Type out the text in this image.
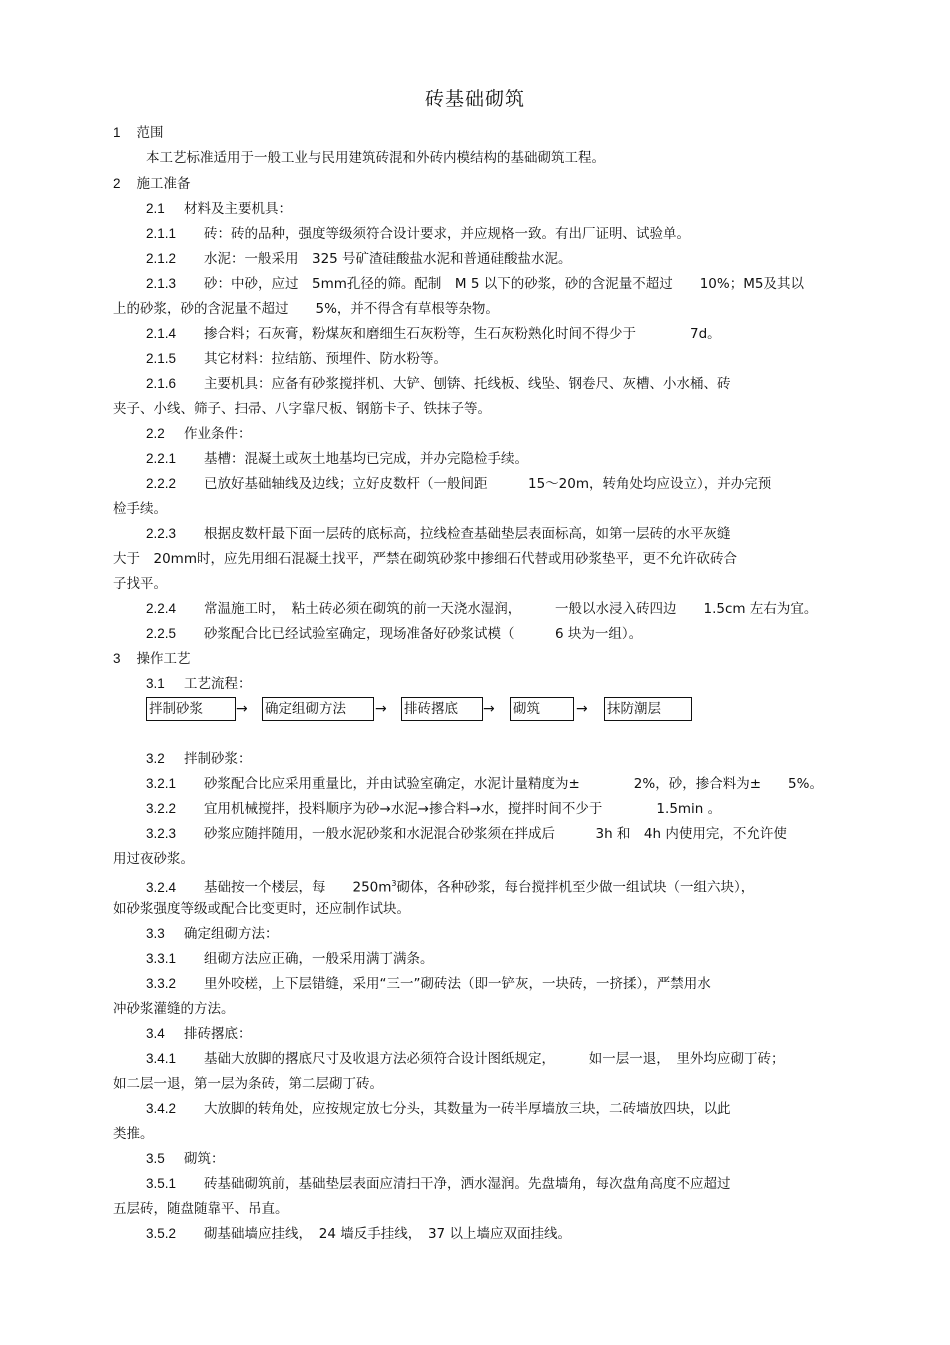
砖基础砌筑
1 范围
本工艺标准适用于一般工业与民用建筑砖混和外砖内模结构的基础砌筑工程。
2 施工准备
2.1 材料及主要机具：
2.1.1 砖：砖的品种，强度等级须符合设计要求，并应规格一致。有出厂证明、试验单。
2.1.2 水泥：一般采用　325 号矿渣硅酸盐水泥和普通硅酸盐水泥。
2.1.3 砂：中砂，应过　5mm孔径的筛。配制　M 5 以下的砂浆，砂的含泥量不超过　　10%；M5及其以
上的砂浆，砂的含泥量不超过　　5%，并不得含有草根等杂物。
2.1.4 掺合料；石灰膏，粉煤灰和磨细生石灰粉等，生石灰粉熟化时间不得少于　　　　7d。
2.1.5 其它材料：拉结筋、预埋件、防水粉等。
2.1.6 主要机具：应备有砂浆搅拌机、大铲、刨锛、托线板、线坠、钢卷尺、灰槽、小水桶、砖
夹子、小线、筛子、扫帚、八字靠尺板、钢筋卡子、铁抹子等。
2.2 作业条件：
2.2.1 基槽：混凝土或灰土地基均已完成，并办完隐检手续。
2.2.2 已放好基础轴线及边线；立好皮数杆（一般间距　　　15～20m，转角处均应设立），并办完预
检手续。
2.2.3 根据皮数杆最下面一层砖的底标高，拉线检查基础垫层表面标高，如第一层砖的水平灰缝
大于　20mm时，应先用细石混凝土找平，严禁在砌筑砂浆中掺细石代替或用砂浆垫平，更不允许砍砖合
子找平。
2.2.4 常温施工时，　粘土砖必须在砌筑的前一天浇水湿润，　　　一般以水浸入砖四边　　1.5cm 左右为宜。
2.2.5 砂浆配合比已经试验室确定，现场准备好砂浆试模（　　　6 块为一组）。
3 操作工艺
3.1 工艺流程：
拌制砂浆	→ 确定组砌方法	→ 排砖撂底	→ 砌筑	→ 抹防潮层
3.2 拌制砂浆：
3.2.1 砂浆配合比应采用重量比，并由试验室确定，水泥计量精度为±　　　　2%，砂，掺合料为±　　5%。
3.2.2 宜用机械搅拌，投料顺序为砂→水泥→掺合料→水，搅拌时间不少于　　　　1.5min 。
3.2.3 砂浆应随拌随用，一般水泥砂浆和水泥混合砂浆须在拌成后　　　3h 和　4h 内使用完，不允许使
用过夜砂浆。
3.2.4 基础按一个楼层，每　　$250m^3$砌体，各种砂浆，每台搅拌机至少做一组试块（一组六块），
如砂浆强度等级或配合比变更时，还应制作试块。
3.3 确定组砌方法：
3.3.1 组砌方法应正确，一般采用满丁满条。
3.3.2 里外咬槎，上下层错缝，采用“三一”砌砖法（即一铲灰，一块砖，一挤揉），严禁用水
冲砂浆灌缝的方法。
3.4 排砖撂底：
3.4.1 基础大放脚的撂底尺寸及收退方法必须符合设计图纸规定，　　　如一层一退，　里外均应砌丁砖；
如二层一退，第一层为条砖，第二层砌丁砖。
3.4.2 大放脚的转角处，应按规定放七分头，其数量为一砖半厚墙放三块，二砖墙放四块，以此
类推。
3.5 砌筑：
3.5.1 砖基础砌筑前，基础垫层表面应清扫干净，洒水湿润。先盘墙角，每次盘角高度不应超过
五层砖，随盘随靠平、吊直。
3.5.2 砌基础墙应挂线，　24 墙反手挂线，　37 以上墙应双面挂线。
